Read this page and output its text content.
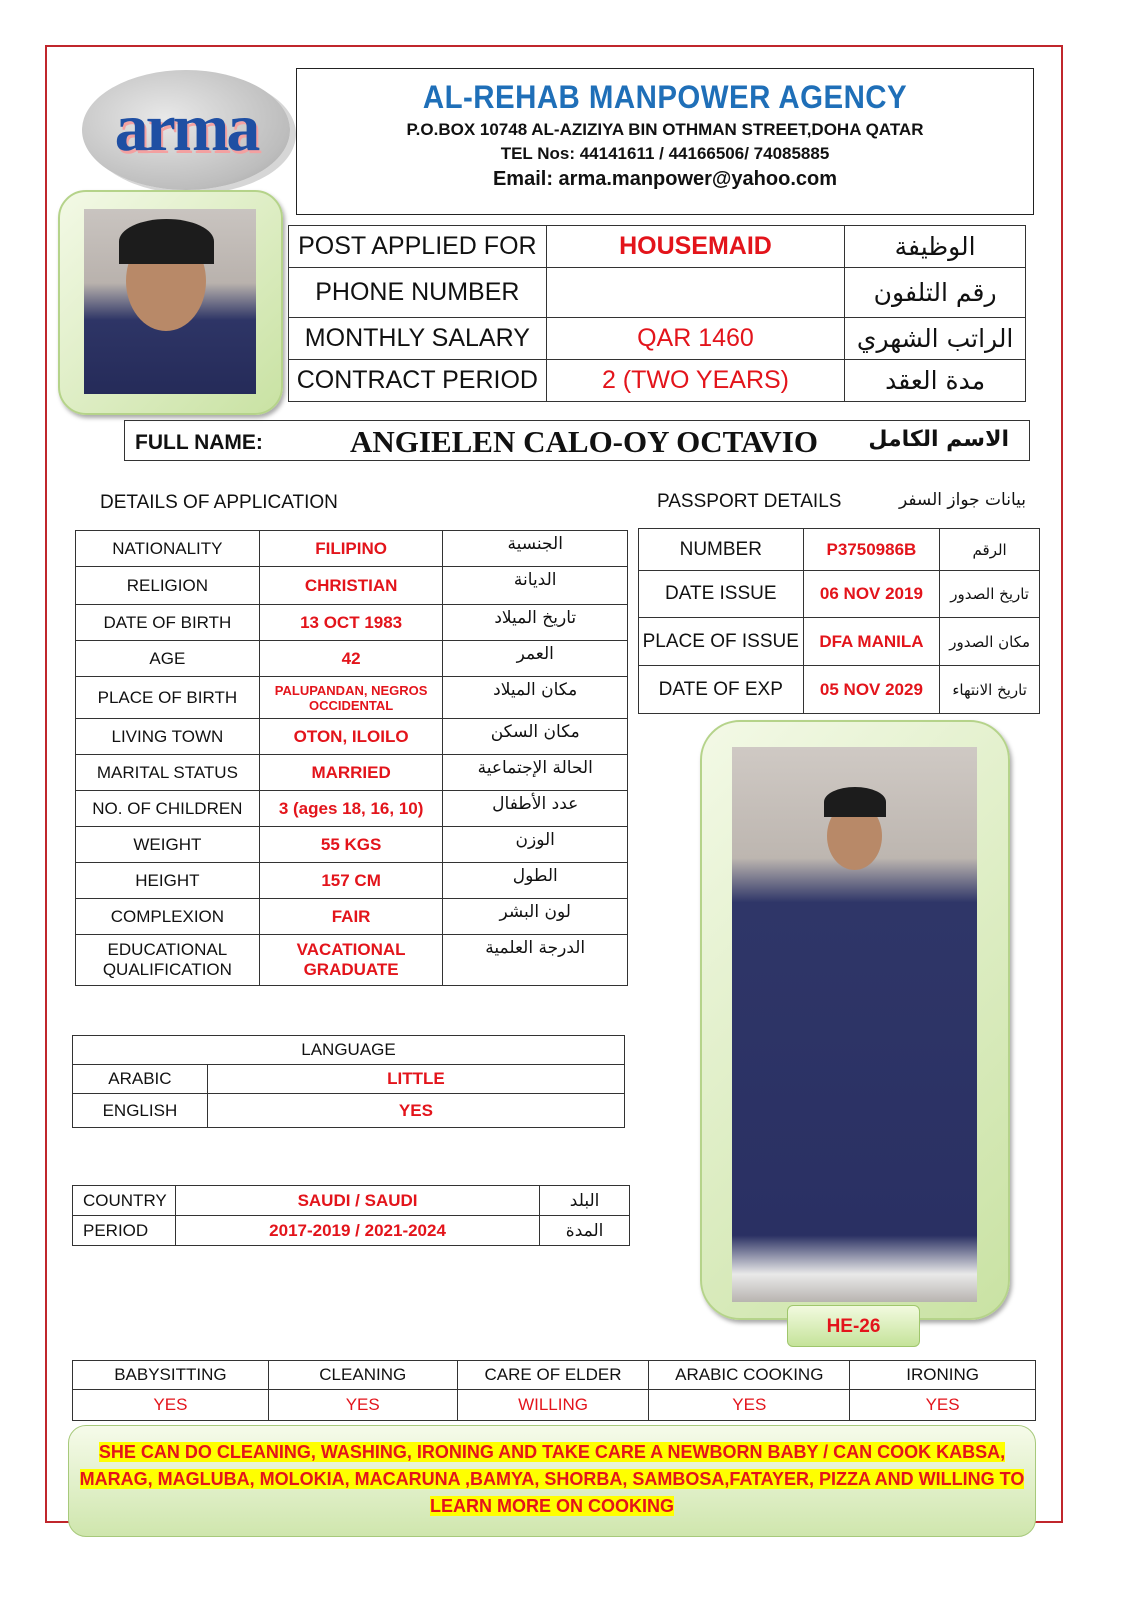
arma	AL-REHAB MANPOWER AGENCY
P.O.BOX 10748 AL-AZIZIYA BIN OTHMAN STREET,DOHA QATAR
TEL Nos: 44141611 / 44166506/ 74085885
Email: arma.manpower@yahoo.com
POST APPLIED FOR	HOUSEMAID	الوظيفة
PHONE NUMBER		رقم التلفون
MONTHLY SALARY	QAR 1460	الراتب الشهري
CONTRACT PERIOD	2 (TWO YEARS)	مدة العقد
FULL NAME:	ANGIELEN CALO-OY OCTAVIO الاسم الكامل
DETAILS OF APPLICATION	PASSPORT DETAILS	بيانات جواز السفر
NATIONALITY	FILIPINO	الجنسية
RELIGION	CHRISTIAN	الديانة
DATE OF BIRTH	13 OCT 1983	تاريخ الميلاد
AGE	42	العمر
PLACE OF BIRTH	PALUPANDAN, NEGROS OCCIDENTAL	مكان الميلاد
LIVING TOWN	OTON, ILOILO	مكان السكن
MARITAL STATUS	MARRIED	الحالة الإجتماعية
NO. OF CHILDREN	3 (ages 18, 16, 10)	عدد الأطفال
WEIGHT	55 KGS	الوزن
HEIGHT	157 CM	الطول
COMPLEXION	FAIR	لون البشر
EDUCATIONAL QUALIFICATION	VACATIONAL GRADUATE	الدرجة العلمية
NUMBER	P3750986B	الرقم
DATE ISSUE	06 NOV 2019	تاريخ الصدور
PLACE OF ISSUE	DFA MANILA	مكان الصدور
DATE OF EXP	05 NOV 2029	تاريخ الانتهاء
HE-26
LANGUAGE	
ARABIC	LITTLE
ENGLISH	YES
COUNTRY	SAUDI / SAUDI	البلد
PERIOD	2017-2019 / 2021-2024	المدة
BABYSITTING	CLEANING	CARE OF ELDER	ARABIC COOKING	IRONING
YES	YES	WILLING	YES	YES
SHE CAN DO CLEANING, WASHING, IRONING AND TAKE CARE A NEWBORN BABY / CAN COOK KABSA,
MARAG, MAGLUBA, MOLOKIA, MACARUNA ,BAMYA, SHORBA, SAMBOSA,FATAYER, PIZZA AND WILLING TO
LEARN MORE ON COOKING
